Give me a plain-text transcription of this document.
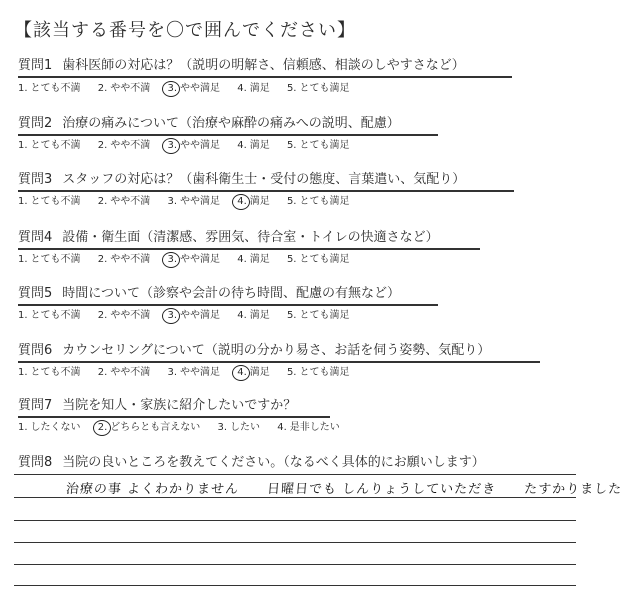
【該当する番号を〇で囲んでください】
質問1 歯科医師の対応は？（説明の明解さ、信頼感、相談のしやすさなど）
1. とても不満 2. やや不満 3. やや満足 4. 満足 5. とても満足
質問2 治療の痛みについて（治療や麻酔の痛みへの説明、配慮）
1. とても不満 2. やや不満 3. やや満足 4. 満足 5. とても満足
質問3 スタッフの対応は？（歯科衛生士・受付の態度、言葉遣い、気配り）
1. とても不満 2. やや不満 3. やや満足 4. 満足 5. とても満足
質問4 設備・衛生面（清潔感、雰囲気、待合室・トイレの快適さなど）
1. とても不満 2. やや不満 3. やや満足 4. 満足 5. とても満足
質問5 時間について（診察や会計の待ち時間、配慮の有無など）
1. とても不満 2. やや不満 3. やや満足 4. 満足 5. とても満足
質問6 カウンセリングについて（説明の分かり易さ、お話を伺う姿勢、気配り）
1. とても不満 2. やや不満 3. やや満足 4. 満足 5. とても満足
質問7 当院を知人・家族に紹介したいですか？
1. したくない 2. どちらとも言えない 3. したい 4. 是非したい
質問8 当院の良いところを教えてください。（なるべく具体的にお願いします）
治療の事 よくわかりません 日曜日でも しんりょうしていただき たすかりました
